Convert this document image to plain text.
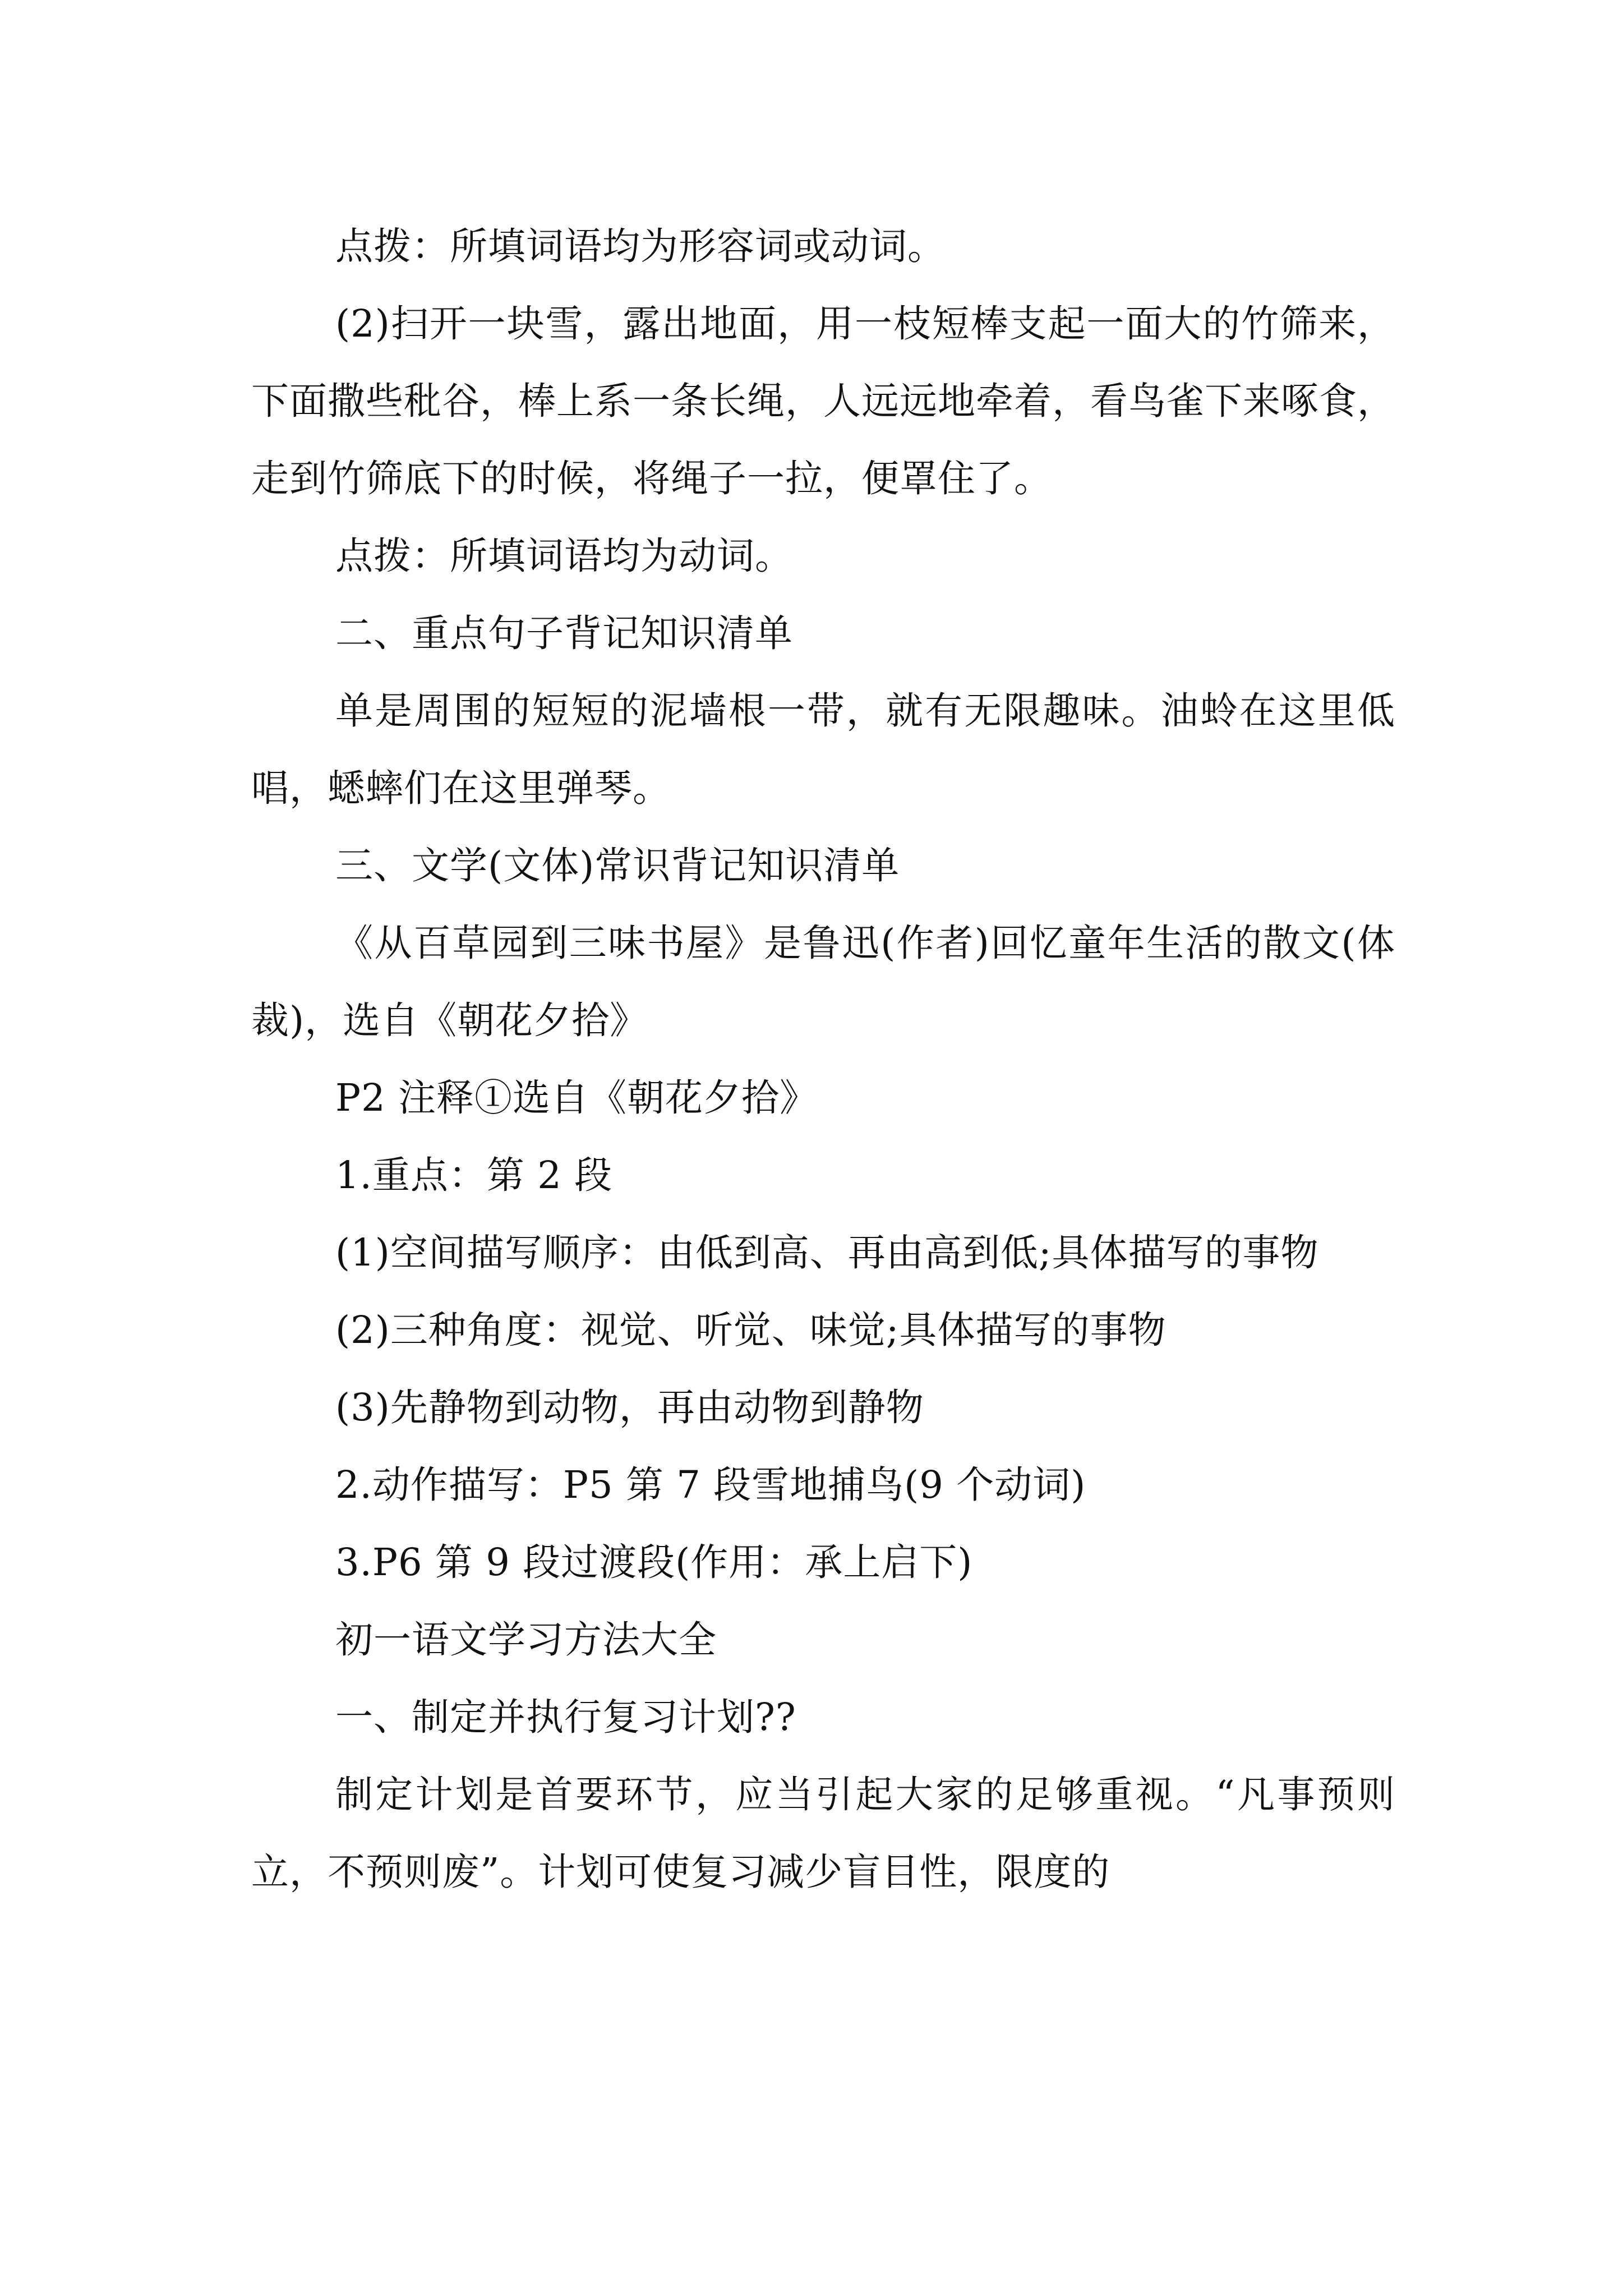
点拨：所填词语均为形容词或动词。

(2)扫开一块雪，露出地面，用一枝短棒支起一面大的竹筛来，下面撒些秕谷，棒上系一条长绳，人远远地牵着，看鸟雀下来啄食，走到竹筛底下的时候，将绳子一拉，便罩住了。

点拨：所填词语均为动词。

二、重点句子背记知识清单

单是周围的短短的泥墙根一带，就有无限趣味。油蛉在这里低唱，蟋蟀们在这里弹琴。

三、文学(文体)常识背记知识清单

《从百草园到三味书屋》是鲁迅(作者)回忆童年生活的散文(体裁)，选自《朝花夕拾》

P2 注释①选自《朝花夕拾》

1.重点：第 2 段

(1)空间描写顺序：由低到高、再由高到低;具体描写的事物

(2)三种角度：视觉、听觉、味觉;具体描写的事物

(3)先静物到动物，再由动物到静物

2.动作描写：P5 第 7 段雪地捕鸟(9 个动词)

3.P6 第 9 段过渡段(作用：承上启下)

初一语文学习方法大全

一、制定并执行复习计划??

制定计划是首要环节，应当引起大家的足够重视。“凡事预则立，不预则废”。计划可使复习减少盲目性，限度的
